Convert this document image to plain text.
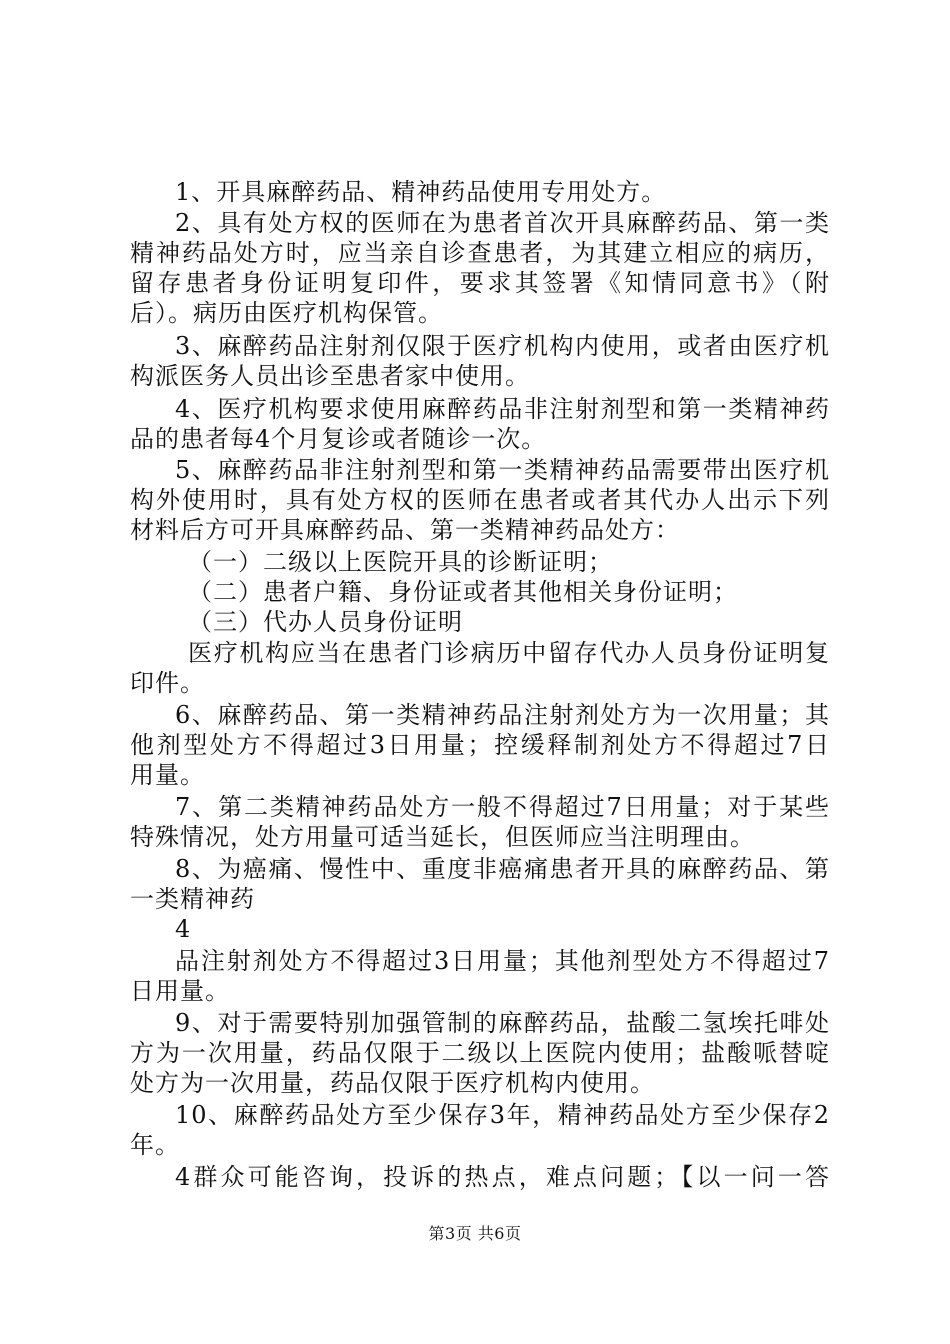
1、开具麻醉药品、精神药品使用专用处方。
2、具有处方权的医师在为患者首次开具麻醉药品、第一类
精神药品处方时，应当亲自诊查患者，为其建立相应的病历，
留存患者身份证明复印件，要求其签署《知情同意书》（附
后）。病历由医疗机构保管。
3、麻醉药品注射剂仅限于医疗机构内使用，或者由医疗机
构派医务人员出诊至患者家中使用。
4、医疗机构要求使用麻醉药品非注射剂型和第一类精神药
品的患者每4个月复诊或者随诊一次。
5、麻醉药品非注射剂型和第一类精神药品需要带出医疗机
构外使用时，具有处方权的医师在患者或者其代办人出示下列
材料后方可开具麻醉药品、第一类精神药品处方：
（一）二级以上医院开具的诊断证明；
（二）患者户籍、身份证或者其他相关身份证明；
（三）代办人员身份证明
医疗机构应当在患者门诊病历中留存代办人员身份证明复
印件。
6、麻醉药品、第一类精神药品注射剂处方为一次用量；其
他剂型处方不得超过3日用量；控缓释制剂处方不得超过7日
用量。
7、第二类精神药品处方一般不得超过7日用量；对于某些
特殊情况，处方用量可适当延长，但医师应当注明理由。
8、为癌痛、慢性中、重度非癌痛患者开具的麻醉药品、第
一类精神药
4
品注射剂处方不得超过3日用量；其他剂型处方不得超过7
日用量。
9、对于需要特别加强管制的麻醉药品，盐酸二氢埃托啡处
方为一次用量，药品仅限于二级以上医院内使用；盐酸哌替啶
处方为一次用量，药品仅限于医疗机构内使用。
10、麻醉药品处方至少保存3年，精神药品处方至少保存2
年。
4群众可能咨询，投诉的热点，难点问题；【以一问一答
第3页 共6页
